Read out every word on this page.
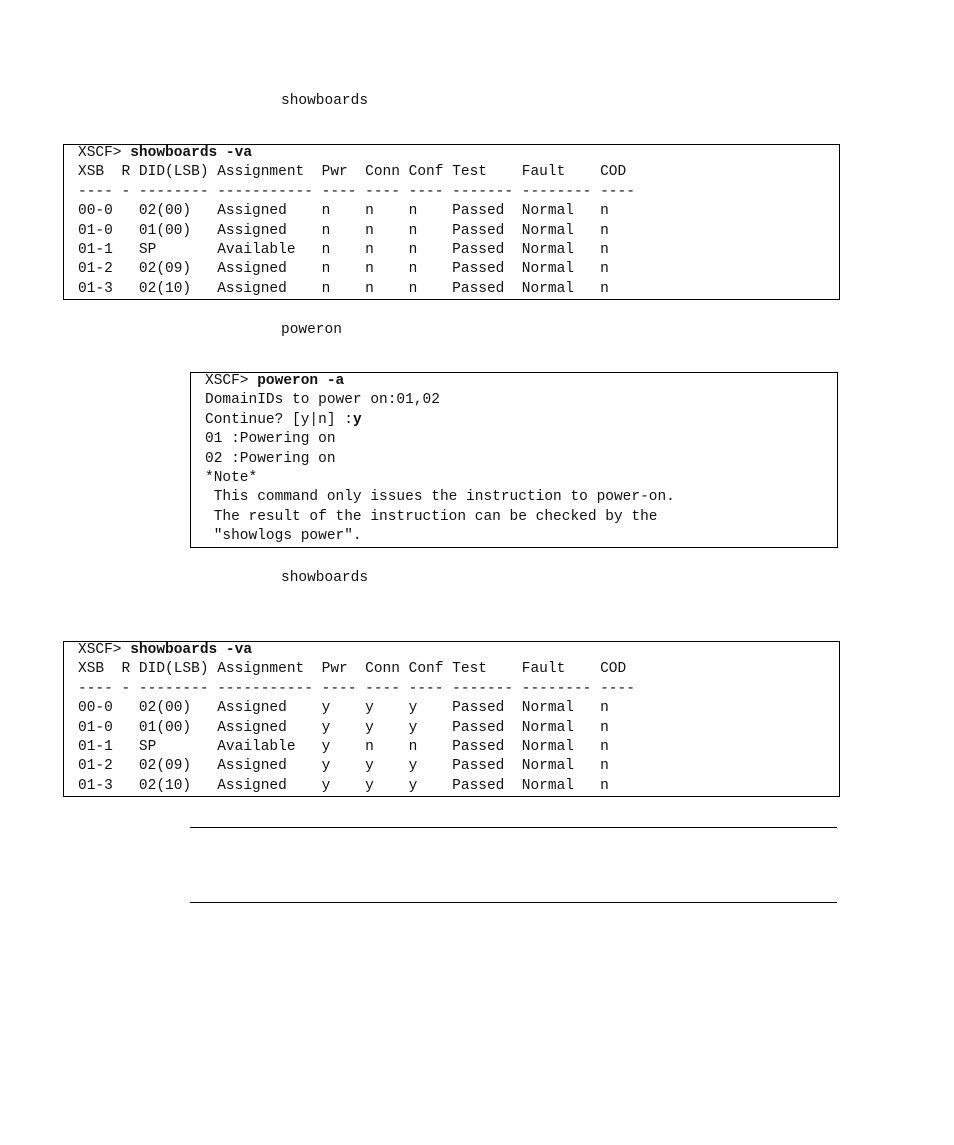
showboards
XSCF> showboards -va
XSB  R DID(LSB) Assignment  Pwr  Conn Conf Test    Fault    COD
---- - -------- ----------- ---- ---- ---- ------- -------- ----
00-0   02(00)   Assigned    n    n    n    Passed  Normal   n
01-0   01(00)   Assigned    n    n    n    Passed  Normal   n
01-1   SP       Available   n    n    n    Passed  Normal   n
01-2   02(09)   Assigned    n    n    n    Passed  Normal   n
01-3   02(10)   Assigned    n    n    n    Passed  Normal   n
poweron
XSCF> poweron -a
DomainIDs to power on:01,02
Continue? [y|n] :y
01 :Powering on
02 :Powering on
*Note*
This command only issues the instruction to power-on.
The result of the instruction can be checked by the
"showlogs power".
showboards
XSCF> showboards -va
XSB  R DID(LSB) Assignment  Pwr  Conn Conf Test    Fault    COD
---- - -------- ----------- ---- ---- ---- ------- -------- ----
00-0   02(00)   Assigned    y    y    y    Passed  Normal   n
01-0   01(00)   Assigned    y    y    y    Passed  Normal   n
01-1   SP       Available   y    n    n    Passed  Normal   n
01-2   02(09)   Assigned    y    y    y    Passed  Normal   n
01-3   02(10)   Assigned    y    y    y    Passed  Normal   n
